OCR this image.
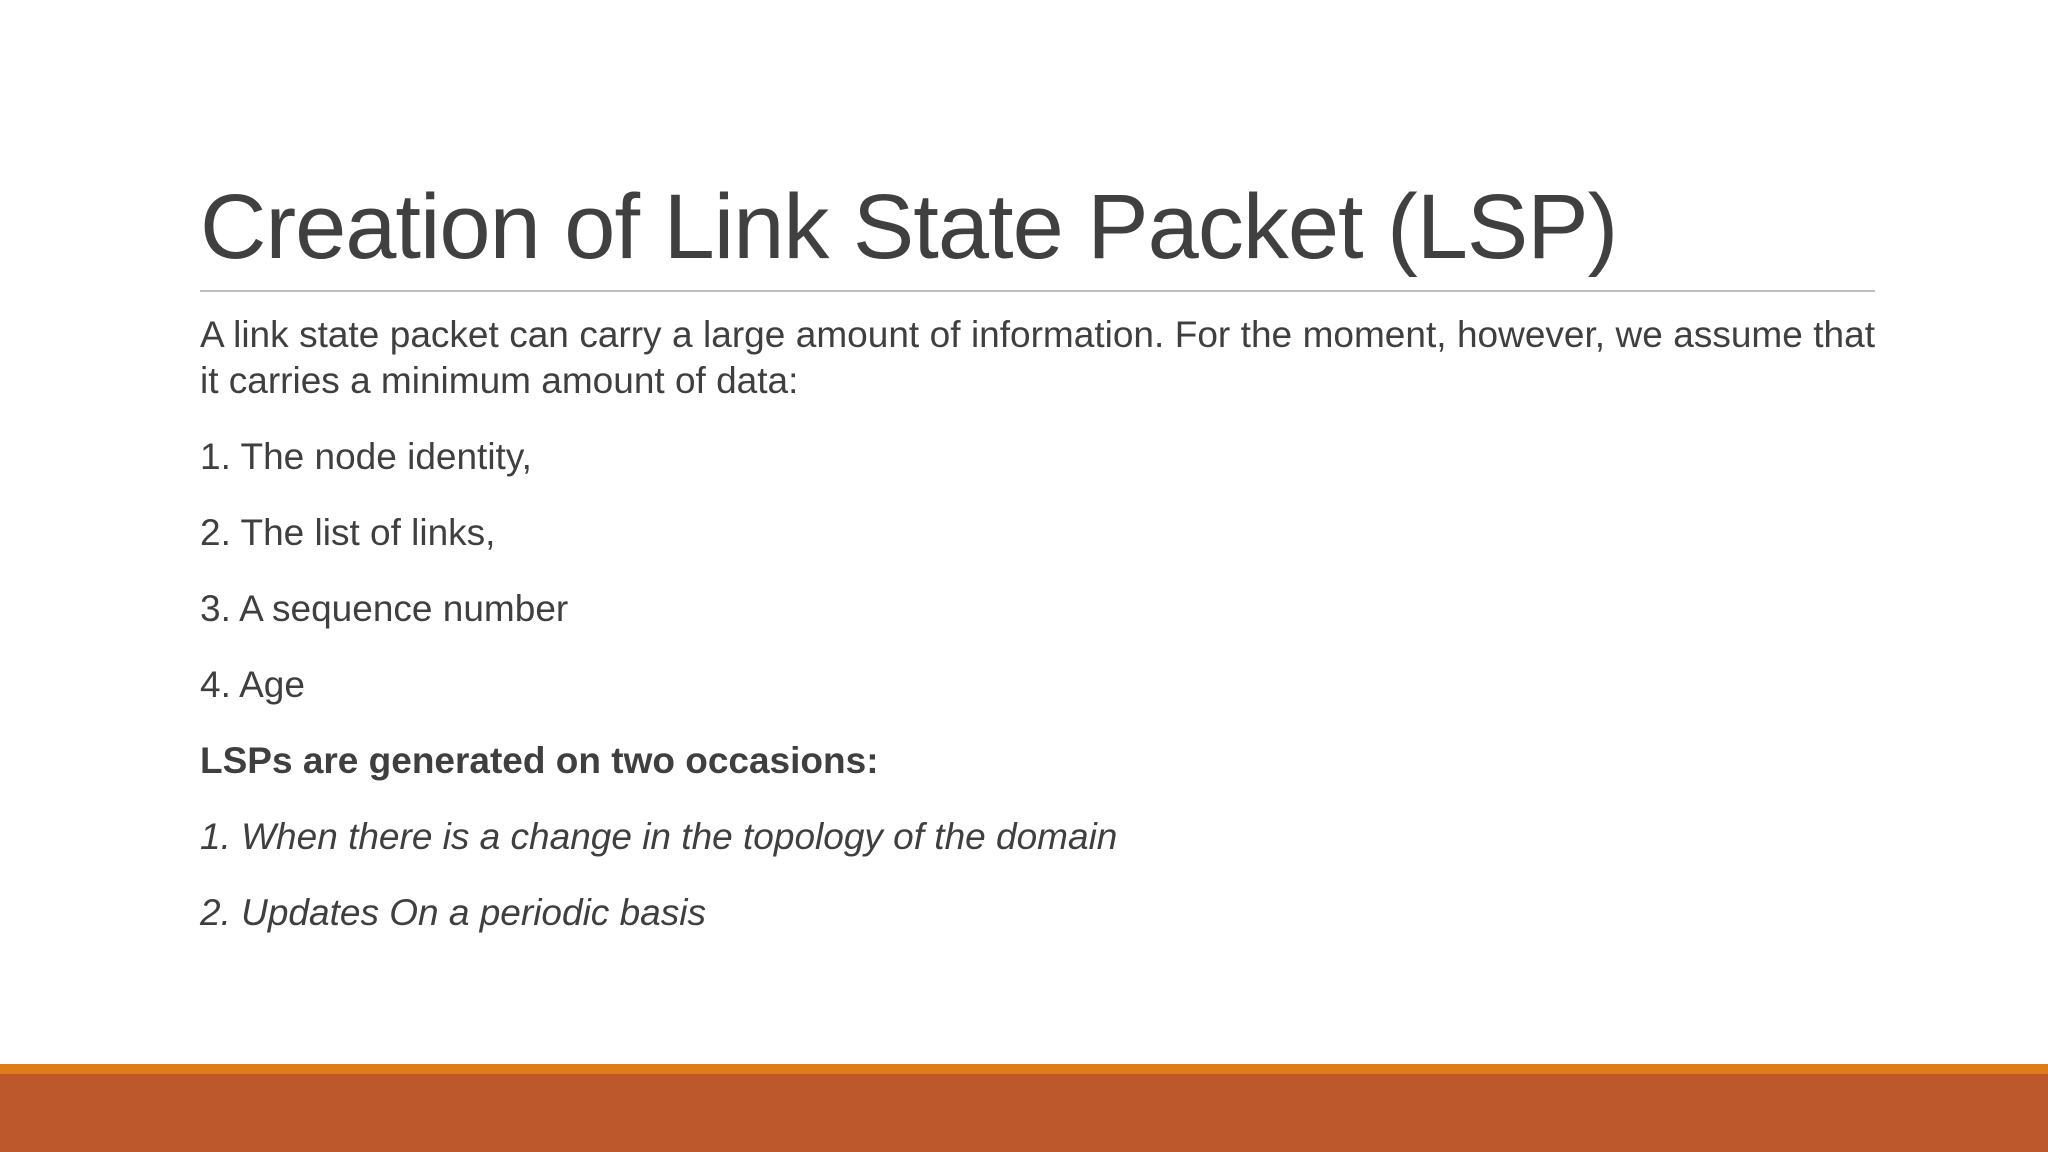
Creation of Link State Packet (LSP)

A link state packet can carry a large amount of information. For the moment, however, we assume that it carries a minimum amount of data:

1. The node identity,

2. The list of links,

3. A sequence number

4. Age

LSPs are generated on two occasions:

1. When there is a change in the topology of the domain

2. Updates On a periodic basis
